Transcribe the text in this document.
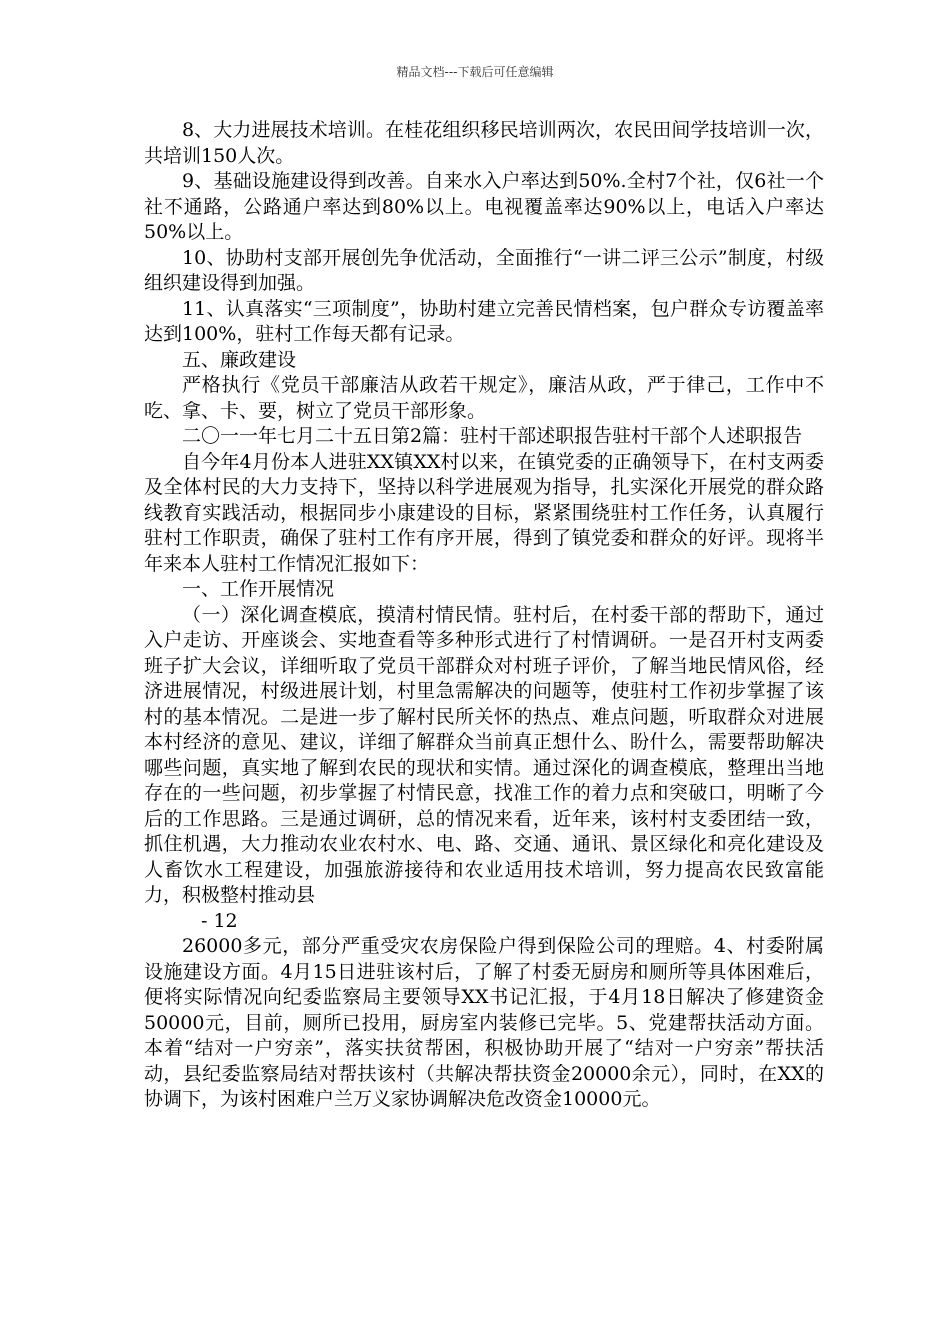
精品文档---下载后可任意编辑

8、大力进展技术培训。在桂花组织移民培训两次，农民田间学技培训一次，共培训150人次。

9、基础设施建设得到改善。自来水入户率达到50%.全村7个社，仅6社一个社不通路，公路通户率达到80%以上。电视覆盖率达90%以上，电话入户率达50%以上。

10、协助村支部开展创先争优活动，全面推行“一讲二评三公示”制度，村级组织建设得到加强。

11、认真落实“三项制度”，协助村建立完善民情档案，包户群众专访覆盖率达到100%，驻村工作每天都有记录。

五、廉政建设

严格执行《党员干部廉洁从政若干规定》，廉洁从政，严于律己，工作中不吃、拿、卡、要，树立了党员干部形象。

二〇一一年七月二十五日第2篇：驻村干部述职报告驻村干部个人述职报告

自今年4月份本人进驻XX镇XX村以来，在镇党委的正确领导下，在村支两委及全体村民的大力支持下，坚持以科学进展观为指导，扎实深化开展党的群众路线教育实践活动，根据同步小康建设的目标，紧紧围绕驻村工作任务，认真履行驻村工作职责，确保了驻村工作有序开展，得到了镇党委和群众的好评。现将半年来本人驻村工作情况汇报如下：

一、工作开展情况

（一）深化调查模底，摸清村情民情。驻村后，在村委干部的帮助下，通过入户走访、开座谈会、实地查看等多种形式进行了村情调研。一是召开村支两委班子扩大会议，详细听取了党员干部群众对村班子评价，了解当地民情风俗，经济进展情况，村级进展计划，村里急需解决的问题等，使驻村工作初步掌握了该村的基本情况。二是进一步了解村民所关怀的热点、难点问题，听取群众对进展本村经济的意见、建议，详细了解群众当前真正想什么、盼什么，需要帮助解决哪些问题，真实地了解到农民的现状和实情。通过深化的调查模底，整理出当地存在的一些问题，初步掌握了村情民意，找准工作的着力点和突破口，明晰了今后的工作思路。三是通过调研，总的情况来看，近年来，该村村支委团结一致，抓住机遇，大力推动农业农村水、电、路、交通、通讯、景区绿化和亮化建设及人畜饮水工程建设，加强旅游接待和农业适用技术培训，努力提高农民致富能力，积极整村推动县

- 12

26000多元，部分严重受灾农房保险户得到保险公司的理赔。4、村委附属设施建设方面。4月15日进驻该村后，了解了村委无厨房和厕所等具体困难后，便将实际情况向纪委监察局主要领导XX书记汇报，于4月18日解决了修建资金50000元，目前，厕所已投用，厨房室内装修已完毕。5、党建帮扶活动方面。本着“结对一户穷亲”，落实扶贫帮困，积极协助开展了“结对一户穷亲”帮扶活动，县纪委监察局结对帮扶该村（共解决帮扶资金20000余元），同时，在XX的协调下，为该村困难户兰万义家协调解决危改资金10000元。
